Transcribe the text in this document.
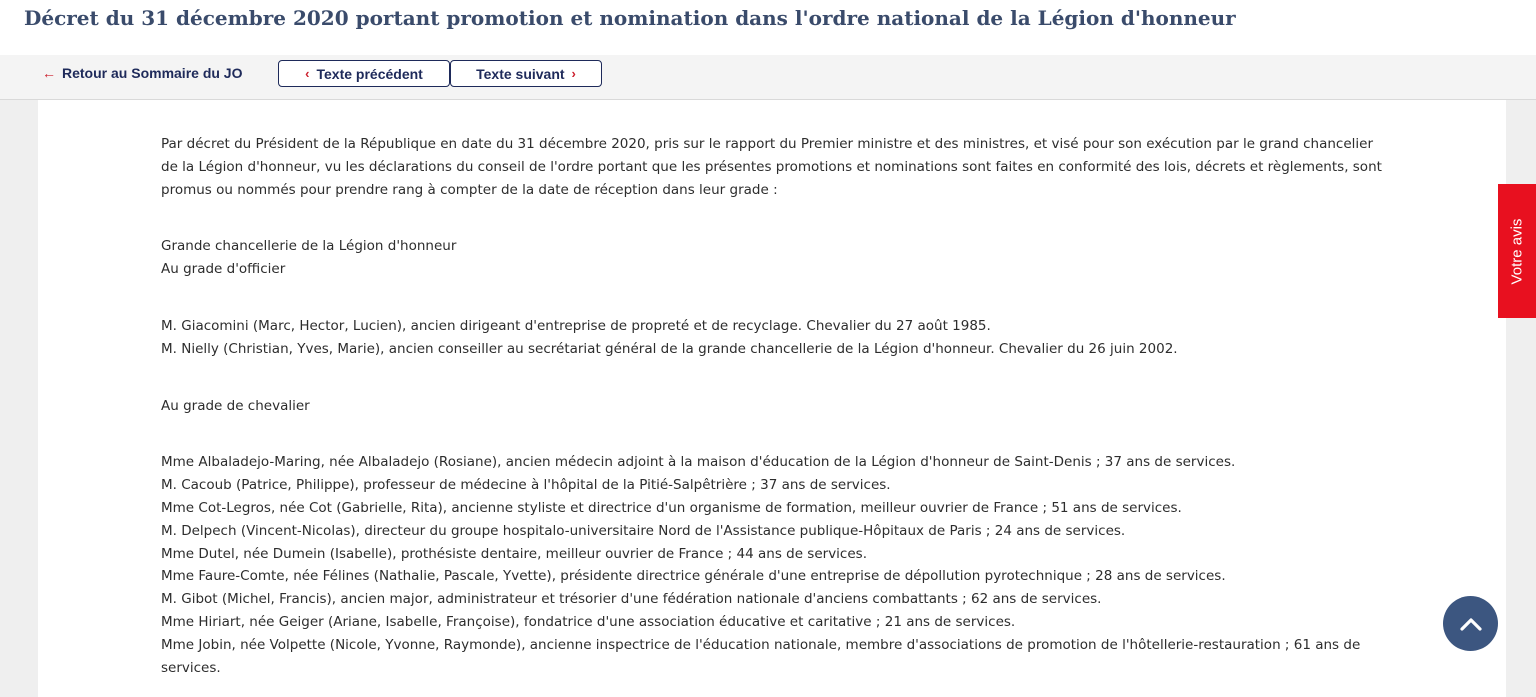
Décret du 31 décembre 2020 portant promotion et nomination dans l'ordre national de la Légion d'honneur
← Retour au Sommaire du JO	‹ Texte précédent	Texte suivant ›

Par décret du Président de la République en date du 31 décembre 2020, pris sur le rapport du Premier ministre et des ministres, et visé pour son exécution par le grand chancelier de la Légion d'honneur, vu les déclarations du conseil de l'ordre portant que les présentes promotions et nominations sont faites en conformité des lois, décrets et règlements, sont promus ou nommés pour prendre rang à compter de la date de réception dans leur grade :

Grande chancellerie de la Légion d'honneur

Au grade d'officier

M. Giacomini (Marc, Hector, Lucien), ancien dirigeant d'entreprise de propreté et de recyclage. Chevalier du 27 août 1985.

M. Nielly (Christian, Yves, Marie), ancien conseiller au secrétariat général de la grande chancellerie de la Légion d'honneur. Chevalier du 26 juin 2002.

Au grade de chevalier

Mme Albaladejo-Maring, née Albaladejo (Rosiane), ancien médecin adjoint à la maison d'éducation de la Légion d'honneur de Saint-Denis ; 37 ans de services.

M. Cacoub (Patrice, Philippe), professeur de médecine à l'hôpital de la Pitié-Salpêtrière ; 37 ans de services.

Mme Cot-Legros, née Cot (Gabrielle, Rita), ancienne styliste et directrice d'un organisme de formation, meilleur ouvrier de France ; 51 ans de services.

M. Delpech (Vincent-Nicolas), directeur du groupe hospitalo-universitaire Nord de l'Assistance publique-Hôpitaux de Paris ; 24 ans de services.

Mme Dutel, née Dumein (Isabelle), prothésiste dentaire, meilleur ouvrier de France ; 44 ans de services.

Mme Faure-Comte, née Félines (Nathalie, Pascale, Yvette), présidente directrice générale d'une entreprise de dépollution pyrotechnique ; 28 ans de services.

M. Gibot (Michel, Francis), ancien major, administrateur et trésorier d'une fédération nationale d'anciens combattants ; 62 ans de services.

Mme Hiriart, née Geiger (Ariane, Isabelle, Françoise), fondatrice d'une association éducative et caritative ; 21 ans de services.

Mme Jobin, née Volpette (Nicole, Yvonne, Raymonde), ancienne inspectrice de l'éducation nationale, membre d'associations de promotion de l'hôtellerie-restauration ; 61 ans de services.

Votre avis
